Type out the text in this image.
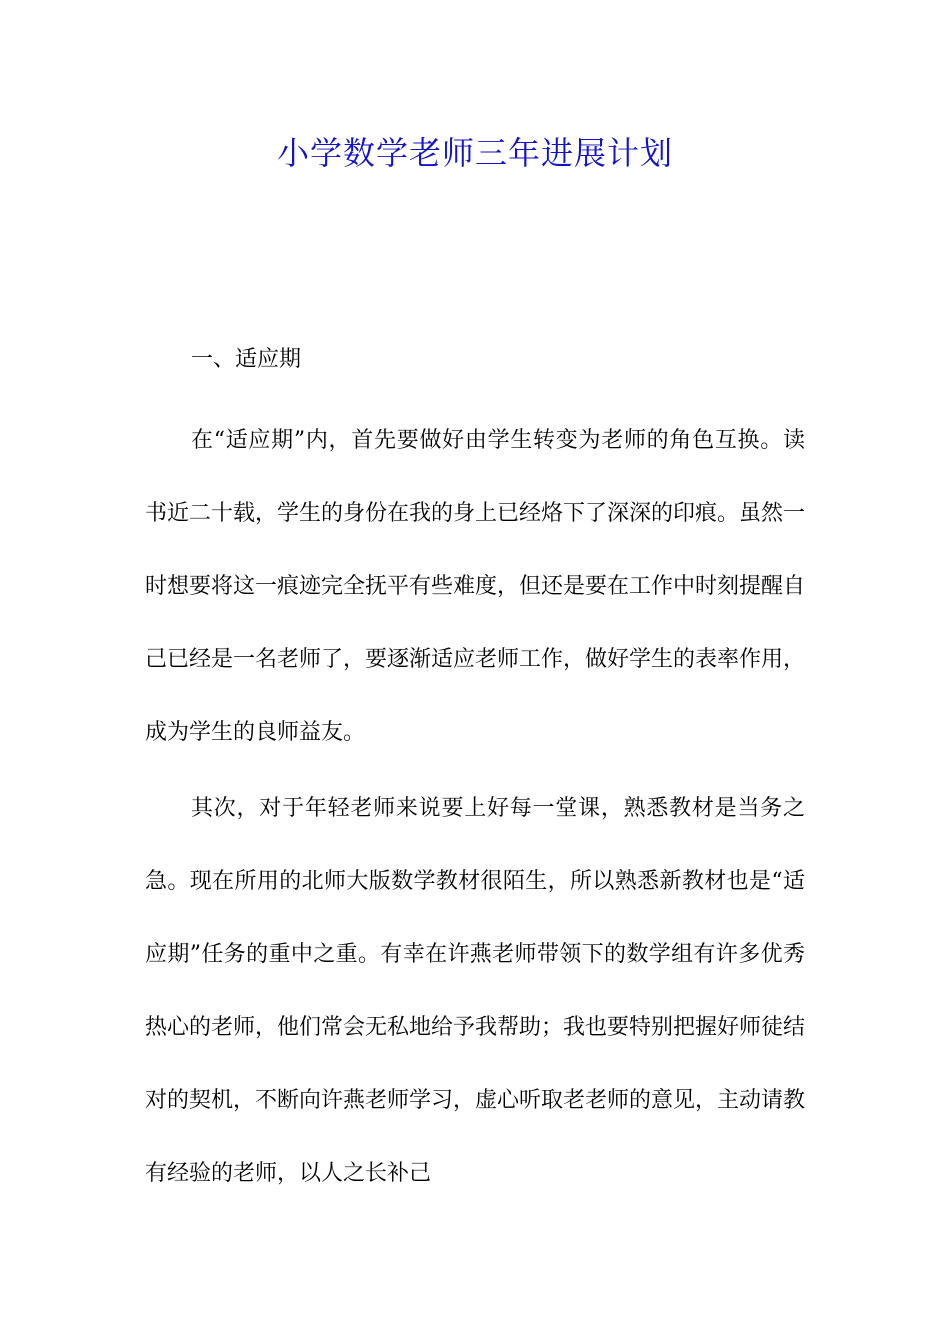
小学数学老师三年进展计划

一、适应期

在“适应期”内，首先要做好由学生转变为老师的角色互换。读书近二十载，学生的身份在我的身上已经烙下了深深的印痕。虽然一时想要将这一痕迹完全抚平有些难度，但还是要在工作中时刻提醒自己已经是一名老师了，要逐渐适应老师工作，做好学生的表率作用，成为学生的良师益友。

其次，对于年轻老师来说要上好每一堂课，熟悉教材是当务之急。现在所用的北师大版数学教材很陌生，所以熟悉新教材也是“适应期”任务的重中之重。有幸在许燕老师带领下的数学组有许多优秀热心的老师，他们常会无私地给予我帮助；我也要特别把握好师徒结对的契机，不断向许燕老师学习，虚心听取老老师的意见，主动请教有经验的老师，以人之长补己
